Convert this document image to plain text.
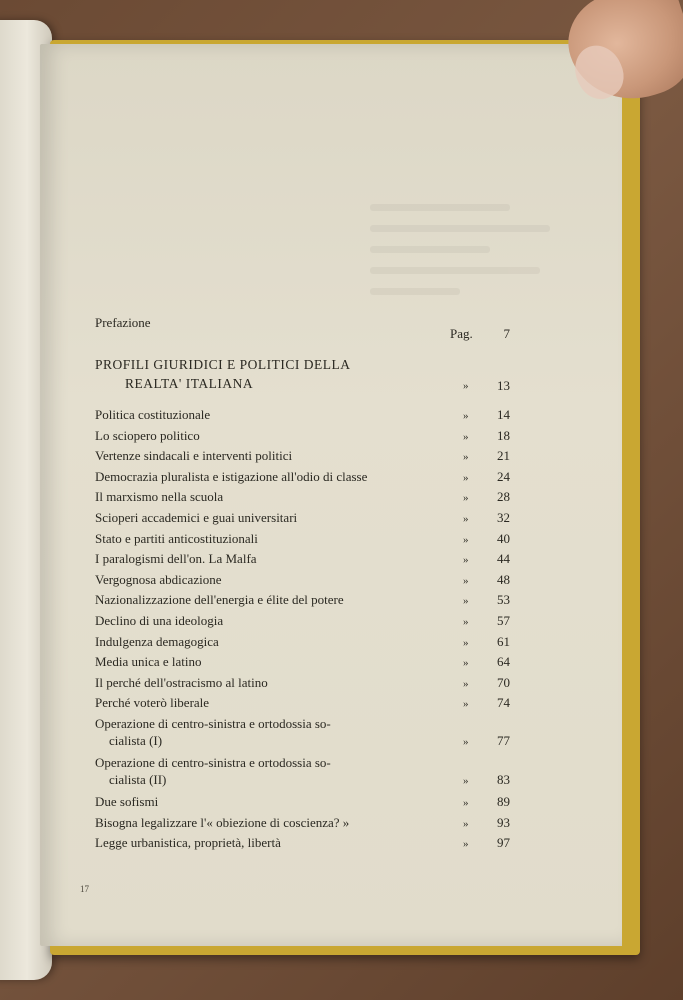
Prefazione
Pag. 7
PROFILI GIURIDICI E POLITICI DELLA
REALTA' ITALIANA	» 13
Politica costituzionale	» 14
Lo sciopero politico	» 18
Vertenze sindacali e interventi politici	» 21
Democrazia pluralista e istigazione all'odio di classe	» 24
Il marxismo nella scuola	» 28
Scioperi accademici e guai universitari	» 32
Stato e partiti anticostituzionali	» 40
I paralogismi dell'on. La Malfa	» 44
Vergognosa abdicazione	» 48
Nazionalizzazione dell'energia e élite del potere	» 53
Declino di una ideologia	» 57
Indulgenza demagogica	» 61
Media unica e latino	» 64
Il perché dell'ostracismo al latino	» 70
Perché voterò liberale	» 74
Operazione di centro-sinistra e ortodossia so-
cialista (I)	» 77
Operazione di centro-sinistra e ortodossia so-
cialista (II)	» 83
Due sofismi	» 89
Bisogna legalizzare l'« obiezione di coscienza? »	» 93
Legge urbanistica, proprietà, libertà	» 97
17
